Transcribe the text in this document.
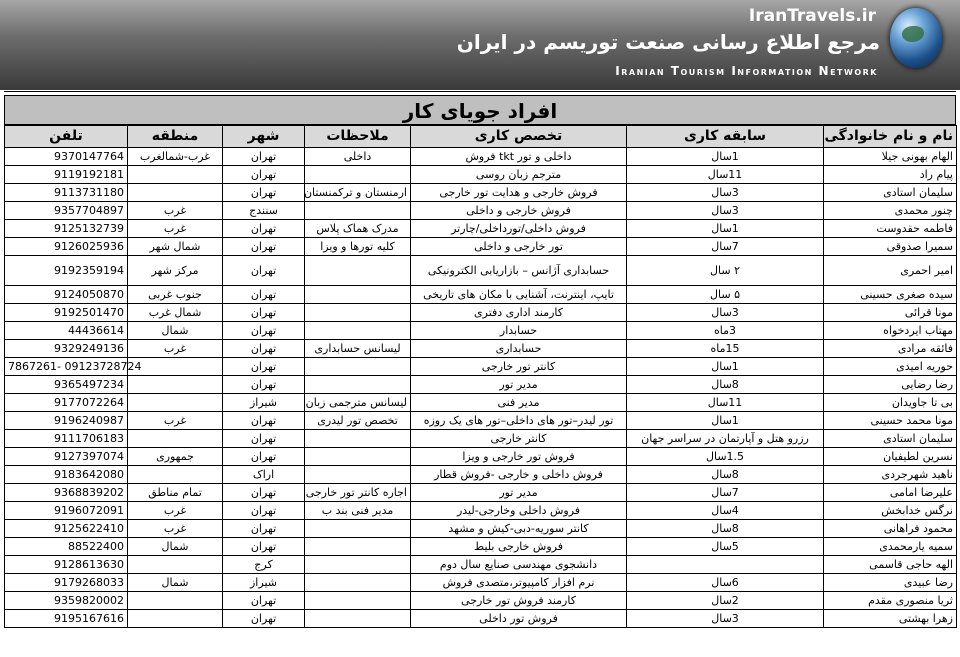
IranTravels.ir
مرجع اطلاع رسانی صنعت توریسم در ایران
Iranian Tourism Information Network
افراد جویای کار
تلفن	منطقه	شهر	ملاحظات	تخصص کاری	سابقه کاری	نام و نام خانوادگی
9370147764	غرب-شمالغرب	تهران	داخلی	داخلی و تور tkt فروش	1سال	الهام بهونی جیلا
9119192181		تهران		مترجم زبان روسی	11سال	پیام راد
9113731180		تهران	ارمنستان و ترکمنستان	فروش خارجی و هدایت تور خارجی	3سال	سلیمان استادی
9357704897	غرب	سنندج		فروش خارجی و داخلی	3سال	چنور محمدی
9125132739	غرب	تهران	مدرک هماک پلاس	فروش داخلی/تورداخلی/چارتر	1سال	فاطمه حقدوست
9126025936	شمال شهر	تهران	کلیه تورها و ویزا	تور خارجی و داخلی	7سال	سمیرا صدوقی
9192359194	مرکز شهر	تهران		حسابداری آژانس – بازاریابی الکترونیکی	۲ سال	امیر احمری
9124050870	جنوب غربی	تهران		تایپ، اینترنت، آشنایی با مکان های تاریخی	۵ سال	سیده صغری حسینی
9192501470	شمال غرب	تهران		کارمند اداری دفتری	3سال	مونا قرائی
44436614	شمال	تهران		حسابدار	3ماه	مهتاب ایردخواه
9329249136	غرب	تهران	لیسانس حسابداری	حسابداری	15ماه	فائقه مرادی
7867261- 09123728724		تهران		کانتر تور خارجی	1سال	حوریه امیدی
9365497234		تهران		مدیر تور	8سال	رضا رضایی
9177072264		شیراز	لیسانس مترجمی زبان	مدیر فنی	11سال	بی تا جاویدان
9196240987	غرب	تهران	تخصص تور لیدری	تور لیدر–تور های داخلی–تور های یک روزه	1سال	مونا محمد حسینی
9111706183		تهران		کانتر خارجی	رزرو هتل و آپارتمان در سراسر جهان	سلیمان استادی
9127397074	جمهوری	تهران		فروش تور خارجی و ویزا	1.5سال	نسرین لطیفیان
9183642080		اراک		فروش داخلی و خارجی -فروش قطار	8سال	ناهید شهرجردی
9368839202	تمام مناطق	تهران	اجاره کانتر تور خارجی	مدیر تور	7سال	علیرضا امامی
9196072091	غرب	تهران	مدیر فنی بند ب	فروش داخلی وخارجی-لیدر	4سال	نرگس خدابخش
9125622410	غرب	تهران		کانتر سوریه-دبی-کیش و مشهد	8سال	محمود فراهانی
88522400	شمال	تهران		فروش خارجی بلیط	5سال	سمیه یارمحمدی
9128613630		کرج		دانشجوی مهندسی صنایع سال دوم		الهه حاجی قاسمی
9179268033	شمال	شیراز		نرم افزار کامپیوتر،متصدی فروش	6سال	رضا عبیدی
9359820002		تهران		کارمند فروش تور خارجی	2سال	ثریا منصوری مقدم
9195167616		تهران		فروش تور داخلی	3سال	زهرا بهشتی
